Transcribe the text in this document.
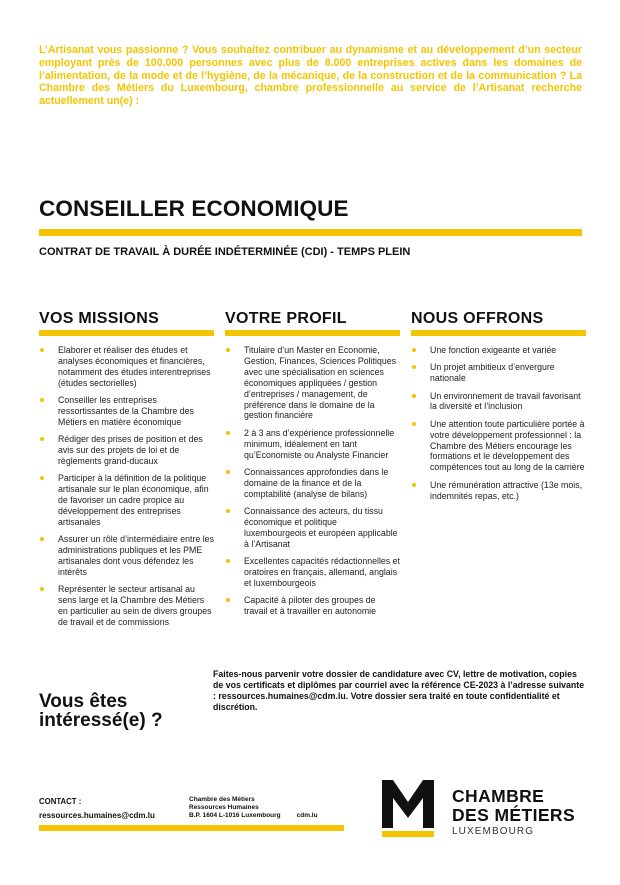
L’Artisanat vous passionne ? Vous souhaitez contribuer au dynamisme et au développement d’un secteur employant près de 100.000 personnes avec plus de 8.000 entreprises actives dans les domaines de l’alimentation, de la mode et de l’hygiène, de la mécanique, de la construction et de la communication ? La Chambre des Métiers du Luxembourg, chambre professionnelle au service de l’Artisanat recherche actuellement un(e) :

CONSEILLER ECONOMIQUE
CONTRAT DE TRAVAIL À DURÉE INDÉTERMINÉE (CDI) - TEMPS PLEIN
VOS MISSIONS
Elaborer et réaliser des études et analyses économiques et financières, notamment des études interentreprises (études sectorielles)
Conseiller les entreprises ressortissantes de la Chambre des Métiers en matière économique
Rédiger des prises de position et des avis sur des projets de loi et de règlements grand-ducaux
Participer à la définition de la politique artisanale sur le plan économique, afin de favoriser un cadre propice au développement des entreprises artisanales
Assurer un rôle d’intermédiaire entre les administrations publiques et les PME artisanales dont vous défendez les intérêts
Représenter le secteur artisanal au sens large et la Chambre des Métiers en particulier au sein de divers groupes de travail et de commissions
VOTRE PROFIL
Titulaire d’un Master en Economie, Gestion, Finances, Sciences Politiques avec une spécialisation en sciences économiques appliquées / gestion d’entreprises / management, de préférence dans le domaine de la gestion financière
2 à 3 ans d’expérience professionnelle minimum, idéalement en tant qu’Economiste ou Analyste Financier
Connaissances approfondies dans le domaine de la finance et de la comptabilité (analyse de bilans)
Connaissance des acteurs, du tissu économique et politique luxembourgeois et européen applicable à l’Artisanat
Excellentes capacités rédactionnelles et oratoires en français, allemand, anglais et luxembourgeois
Capacité à piloter des groupes de travail et à travailler en autonomie
NOUS OFFRONS
Une fonction exigeante et variée
Un projet ambitieux d’envergure nationale
Un environnement de travail favorisant la diversité et l’inclusion
Une attention toute particulière portée à votre développement professionnel : la Chambre des Métiers encourage les formations et le développement des compétences tout au long de la carrière
Une rémunération attractive (13e mois, indemnités repas, etc.)

Faites-nous parvenir votre dossier de candidature avec CV, lettre de motivation, copies de vos certificats et diplômes par courriel avec la référence CE-2023 à l’adresse suivante : ressources.humaines@cdm.lu. Votre dossier sera traité en toute confidentialité et discrétion.

Vous êtes intéressé(e) ?
CONTACT :
ressources.humaines@cdm.lu
Chambre des Métiers
Ressources Humaines
B.P. 1604 L-1016 Luxembourg cdm.lu
CHAMBRE
DES MÉTIERS
LUXEMBOURG
